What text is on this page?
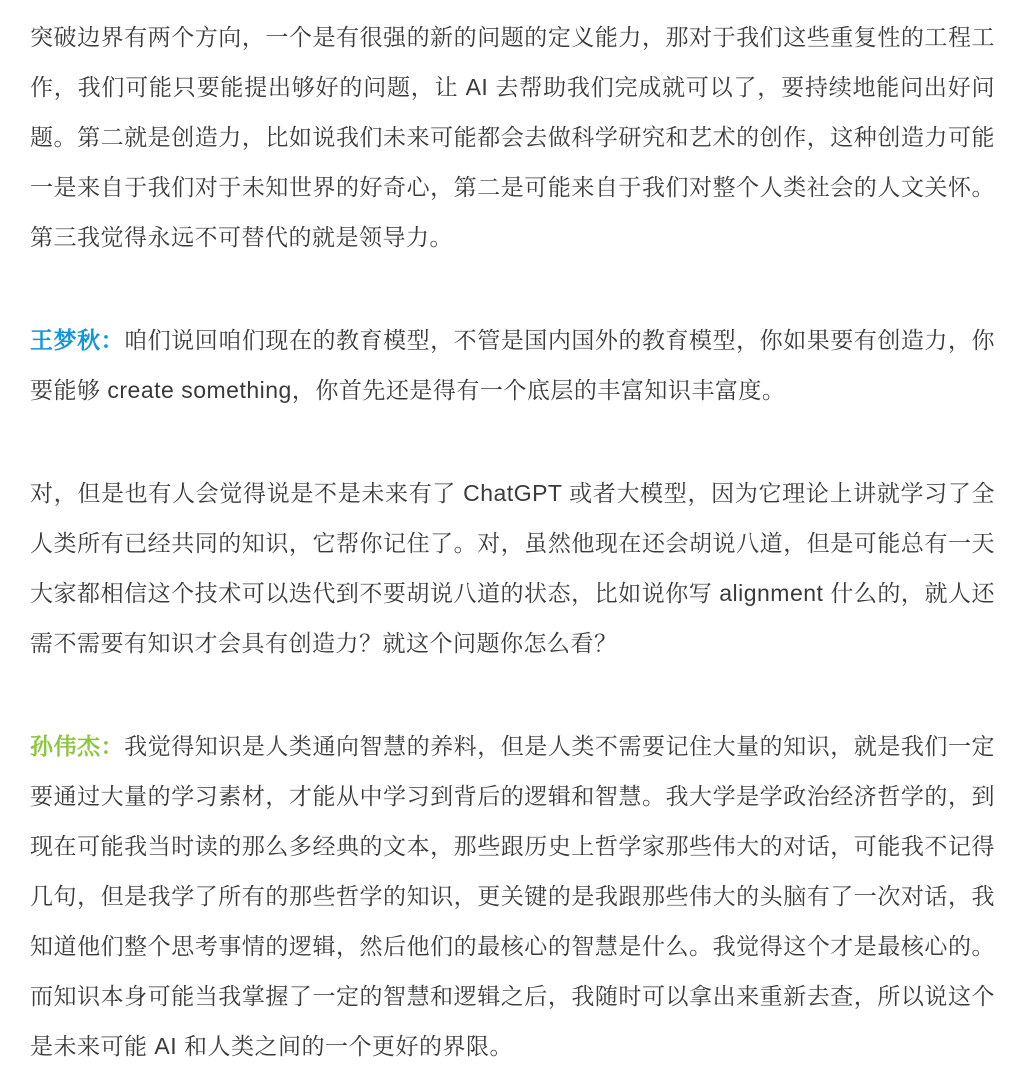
突破边界有两个方向，一个是有很强的新的问题的定义能力，那对于我们这些重复性的工程工作，我们可能只要能提出够好的问题，让 AI 去帮助我们完成就可以了，要持续地能问出好问题。第二就是创造力，比如说我们未来可能都会去做科学研究和艺术的创作，这种创造力可能一是来自于我们对于未知世界的好奇心，第二是可能来自于我们对整个人类社会的人文关怀。第三我觉得永远不可替代的就是领导力。

王梦秋：咱们说回咱们现在的教育模型，不管是国内国外的教育模型，你如果要有创造力，你要能够 create something，你首先还是得有一个底层的丰富知识丰富度。

对，但是也有人会觉得说是不是未来有了 ChatGPT 或者大模型，因为它理论上讲就学习了全人类所有已经共同的知识，它帮你记住了。对，虽然他现在还会胡说八道，但是可能总有一天大家都相信这个技术可以迭代到不要胡说八道的状态，比如说你写 alignment 什么的，就人还需不需要有知识才会具有创造力？就这个问题你怎么看？

孙伟杰：我觉得知识是人类通向智慧的养料，但是人类不需要记住大量的知识，就是我们一定要通过大量的学习素材，才能从中学习到背后的逻辑和智慧。我大学是学政治经济哲学的，到现在可能我当时读的那么多经典的文本，那些跟历史上哲学家那些伟大的对话，可能我不记得几句，但是我学了所有的那些哲学的知识，更关键的是我跟那些伟大的头脑有了一次对话，我知道他们整个思考事情的逻辑，然后他们的最核心的智慧是什么。我觉得这个才是最核心的。而知识本身可能当我掌握了一定的智慧和逻辑之后，我随时可以拿出来重新去查，所以说这个是未来可能 AI 和人类之间的一个更好的界限。
